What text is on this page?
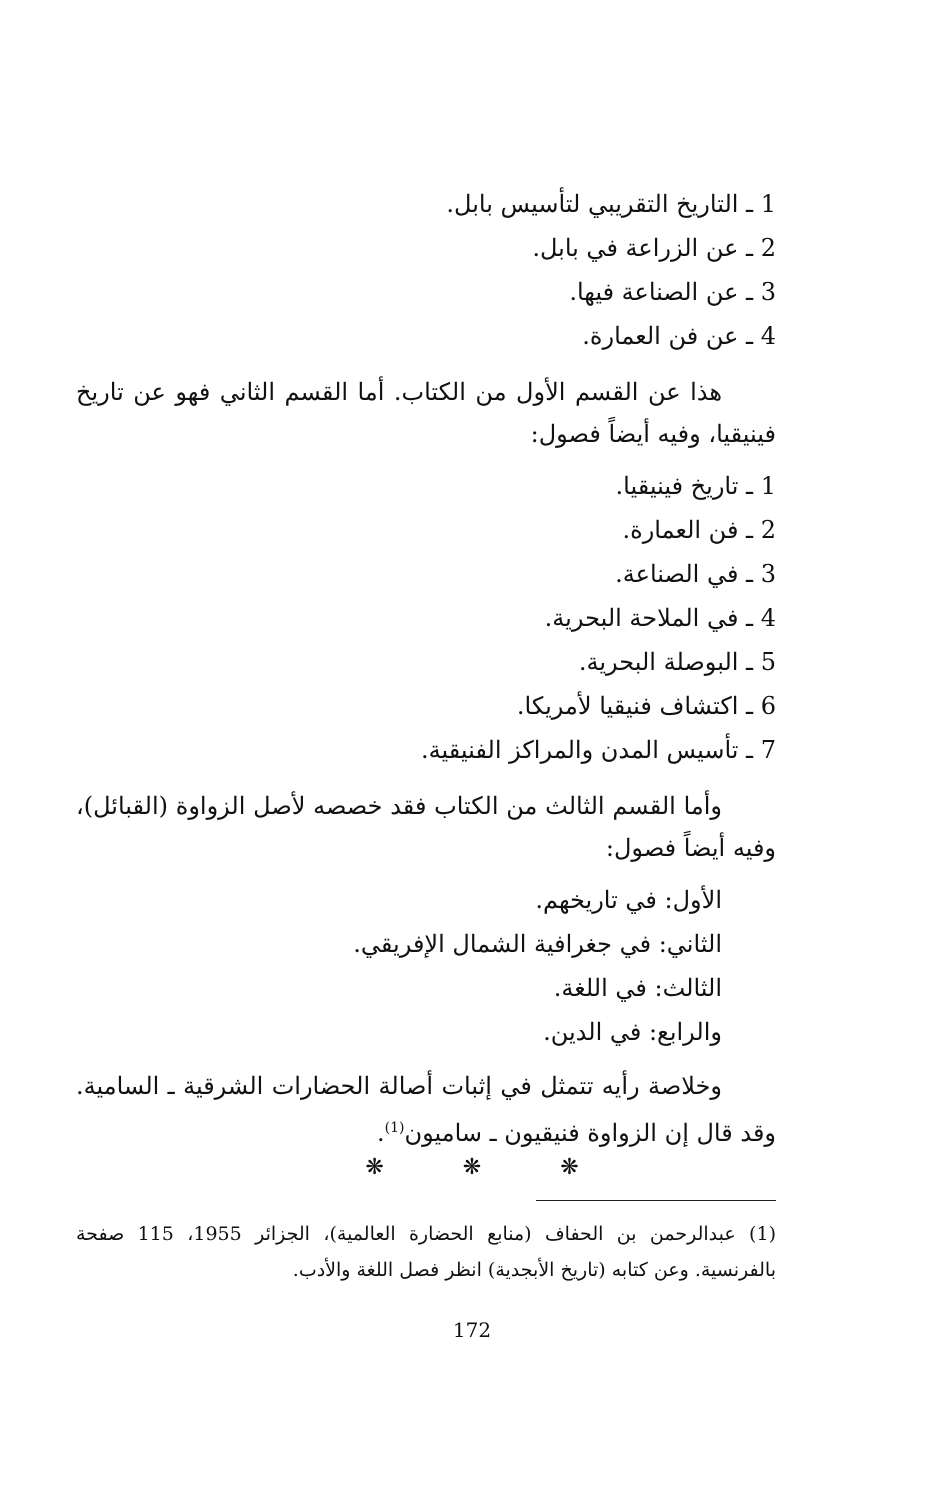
1 ـ التاريخ التقريبي لتأسيس بابل.
2 ـ عن الزراعة في بابل.
3 ـ عن الصناعة فيها.
4 ـ عن فن العمارة.
هذا عن القسم الأول من الكتاب. أما القسم الثاني فهو عن تاريخ
فينيقيا، وفيه أيضاً فصول:
1 ـ تاريخ فينيقيا.
2 ـ فن العمارة.
3 ـ في الصناعة.
4 ـ في الملاحة البحرية.
5 ـ البوصلة البحرية.
6 ـ اكتشاف فنيقيا لأمريكا.
7 ـ تأسيس المدن والمراكز الفنيقية.
وأما القسم الثالث من الكتاب فقد خصصه لأصل الزواوة (القبائل)،
وفيه أيضاً فصول:
الأول: في تاريخهم.
الثاني: في جغرافية الشمال الإفريقي.
الثالث: في اللغة.
والرابع: في الدين.
وخلاصة رأيه تتمثل في إثبات أصالة الحضارات الشرقية ـ السامية.
وقد قال إن الزواوة فنيقيون ـ ساميون$^{(1)}$.
❋	❋	❋
(1) عبدالرحمن بن الحفاف (منابع الحضارة العالمية)، الجزائر 1955، 115 صفحة
بالفرنسية. وعن كتابه (تاريخ الأبجدية) انظر فصل اللغة والأدب.
172
